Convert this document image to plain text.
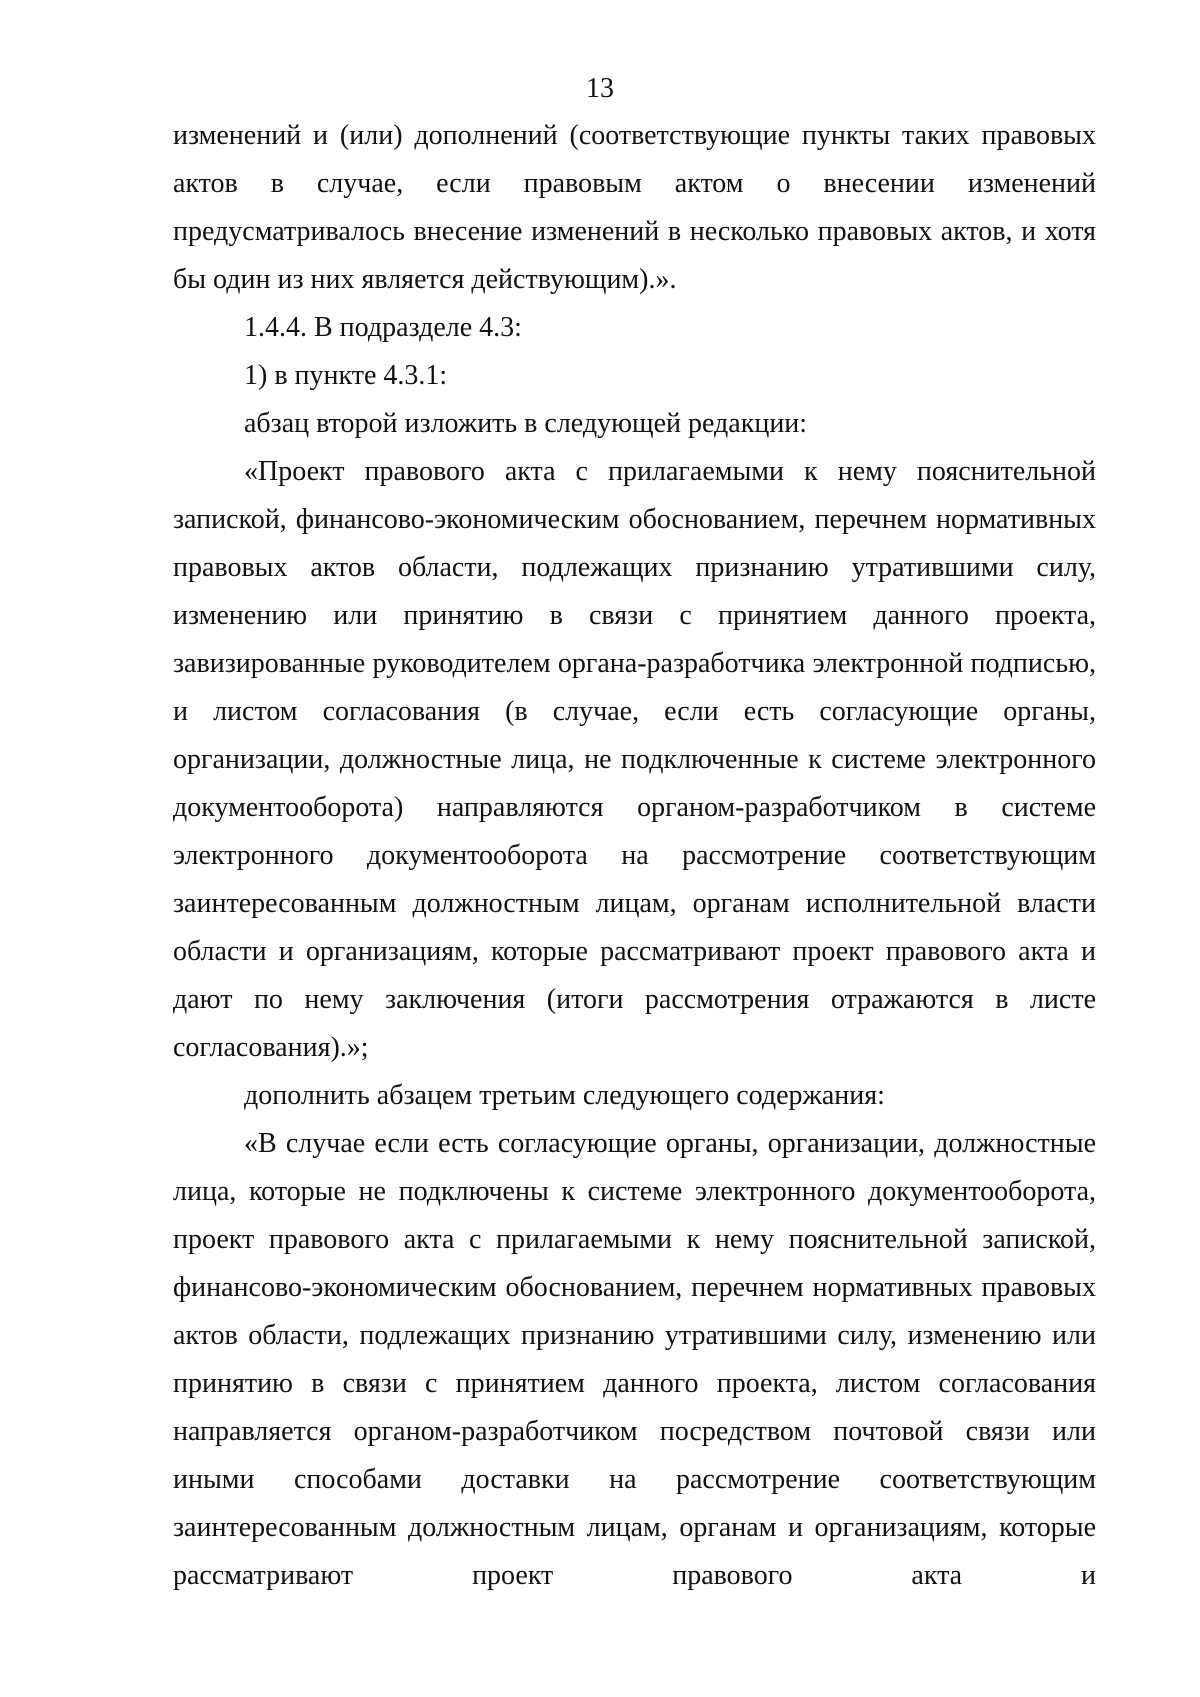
13

изменений и (или) дополнений (соответствующие пункты таких правовых актов в случае, если правовым актом о внесении изменений предусматривалось внесение изменений в несколько правовых актов, и хотя бы один из них является действующим).».

1.4.4. В подразделе 4.3:

1) в пункте 4.3.1:

абзац второй изложить в следующей редакции:

«Проект правового акта с прилагаемыми к нему пояснительной запиской, финансово-экономическим обоснованием, перечнем нормативных правовых актов области, подлежащих признанию утратившими силу, изменению или принятию в связи с принятием данного проекта, завизированные руководителем органа-разработчика электронной подписью, и листом согласования (в случае, если есть согласующие органы, организации, должностные лица, не подключенные к системе электронного документооборота) направляются органом-разработчиком в системе электронного документооборота на рассмотрение соответствующим заинтересованным должностным лицам, органам исполнительной власти области и организациям, которые рассматривают проект правового акта и дают по нему заключения (итоги рассмотрения отражаются в листе согласования).»;

дополнить абзацем третьим следующего содержания:

«В случае если есть согласующие органы, организации, должностные лица, которые не подключены к системе электронного документооборота, проект правового акта с прилагаемыми к нему пояснительной запиской, финансово-экономическим обоснованием, перечнем нормативных правовых актов области, подлежащих признанию утратившими силу, изменению или принятию в связи с принятием данного проекта, листом согласования направляется органом-разработчиком посредством почтовой связи или иными способами доставки на рассмотрение соответствующим заинтересованным должностным лицам, органам и организациям, которые рассматривают проект правового акта и
